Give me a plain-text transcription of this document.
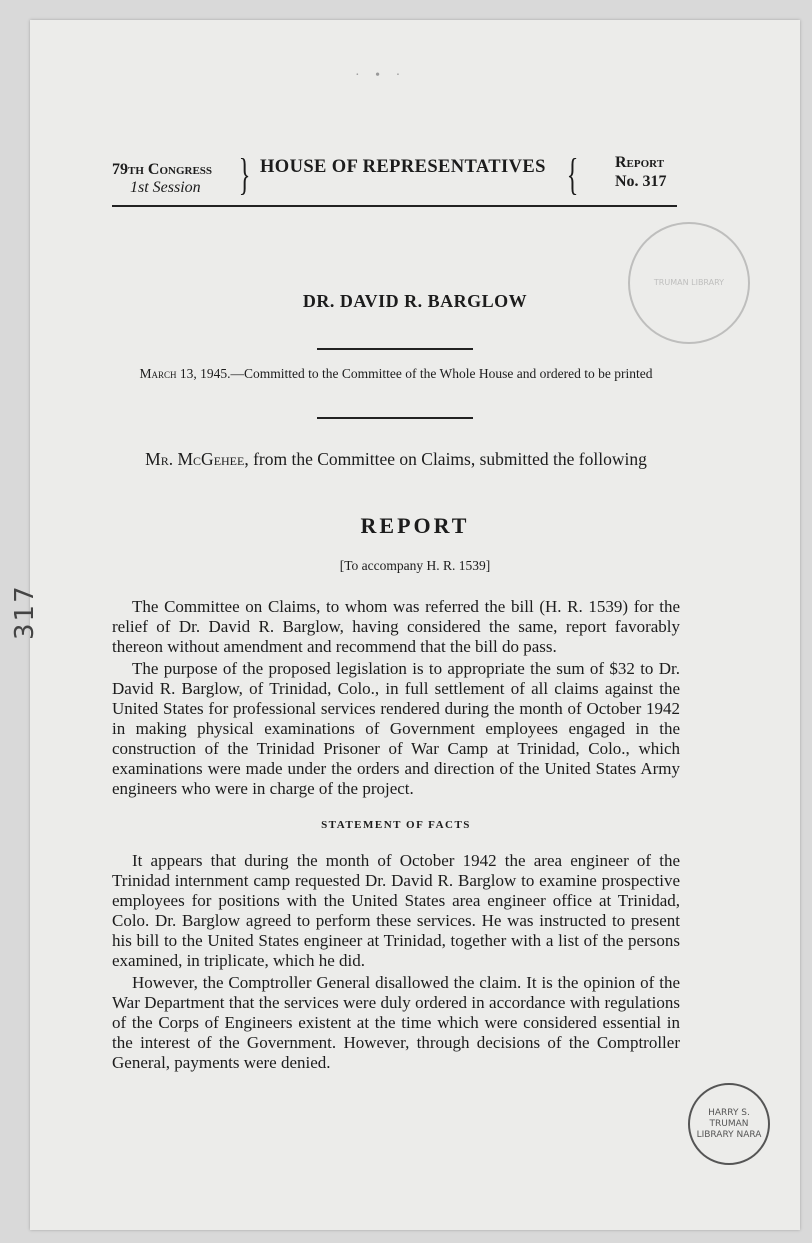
· • ·
79th Congress
1st Session } HOUSE OF REPRESENTATIVES { Report
No. 317
DR. DAVID R. BARGLOW
March 13, 1945.—Committed to the Committee of the Whole House and ordered to be printed
Mr. McGehee, from the Committee on Claims, submitted the following
REPORT
[To accompany H. R. 1539]

The Committee on Claims, to whom was referred the bill (H. R. 1539) for the relief of Dr. David R. Barglow, having considered the same, report favorably thereon without amendment and recommend that the bill do pass.

The purpose of the proposed legislation is to appropriate the sum of $32 to Dr. David R. Barglow, of Trinidad, Colo., in full settlement of all claims against the United States for professional services rendered during the month of October 1942 in making physical examinations of Government employees engaged in the construction of the Trinidad Prisoner of War Camp at Trinidad, Colo., which examinations were made under the orders and direction of the United States Army engineers who were in charge of the project.

STATEMENT OF FACTS

It appears that during the month of October 1942 the area engineer of the Trinidad internment camp requested Dr. David R. Barglow to examine prospective employees for positions with the United States area engineer office at Trinidad, Colo. Dr. Barglow agreed to perform these services. He was instructed to present his bill to the United States engineer at Trinidad, together with a list of the persons examined, in triplicate, which he did.

However, the Comptroller General disallowed the claim. It is the opinion of the War Department that the services were duly ordered in accordance with regulations of the Corps of Engineers existent at the time which were considered essential in the interest of the Government. However, through decisions of the Comptroller General, payments were denied.

TRUMAN LIBRARY
HARRY S. TRUMAN LIBRARY NARA
317
